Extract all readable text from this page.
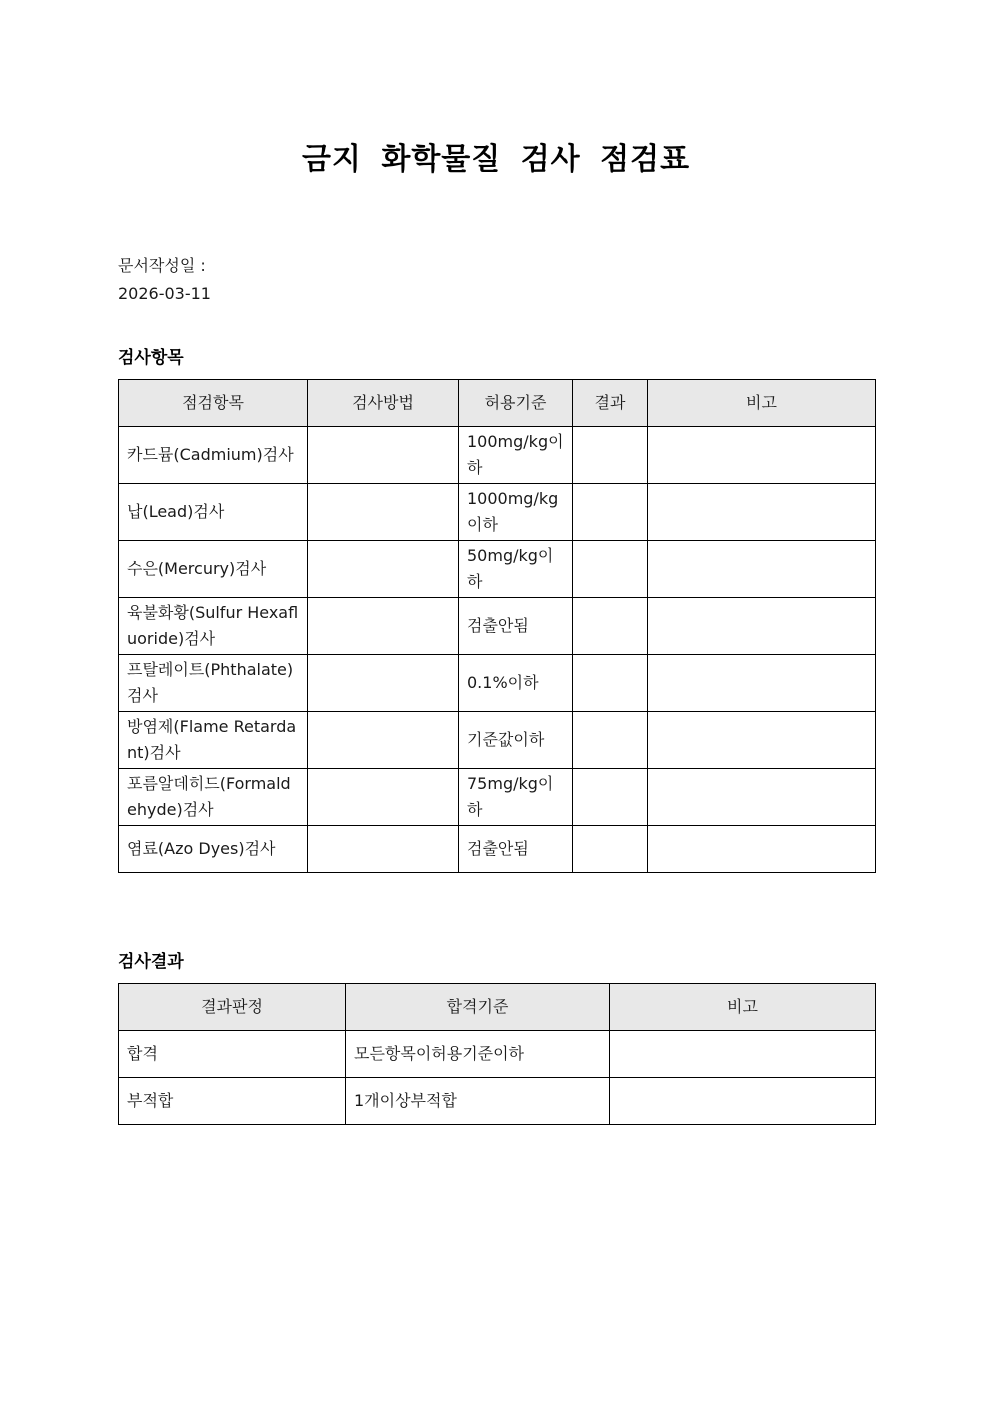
금지 화학물질 검사 점검표
문서작성일 :
2026-03-11
검사항목
점검항목	검사방법	허용기준	결과	비고
카드뮴(Cadmium)검사		100mg/kg이하		
납(Lead)검사		1000mg/kg이하		
수은(Mercury)검사		50mg/kg이하		
육불화황(Sulfur Hexafluoride)검사		검출안됨		
프탈레이트(Phthalate)검사		0.1%이하		
방염제(Flame Retardant)검사		기준값이하		
포름알데히드(Formaldehyde)검사		75mg/kg이하		
염료(Azo Dyes)검사		검출안됨		
검사결과
결과판정	합격기준	비고
합격	모든항목이허용기준이하	
부적합	1개이상부적합	
